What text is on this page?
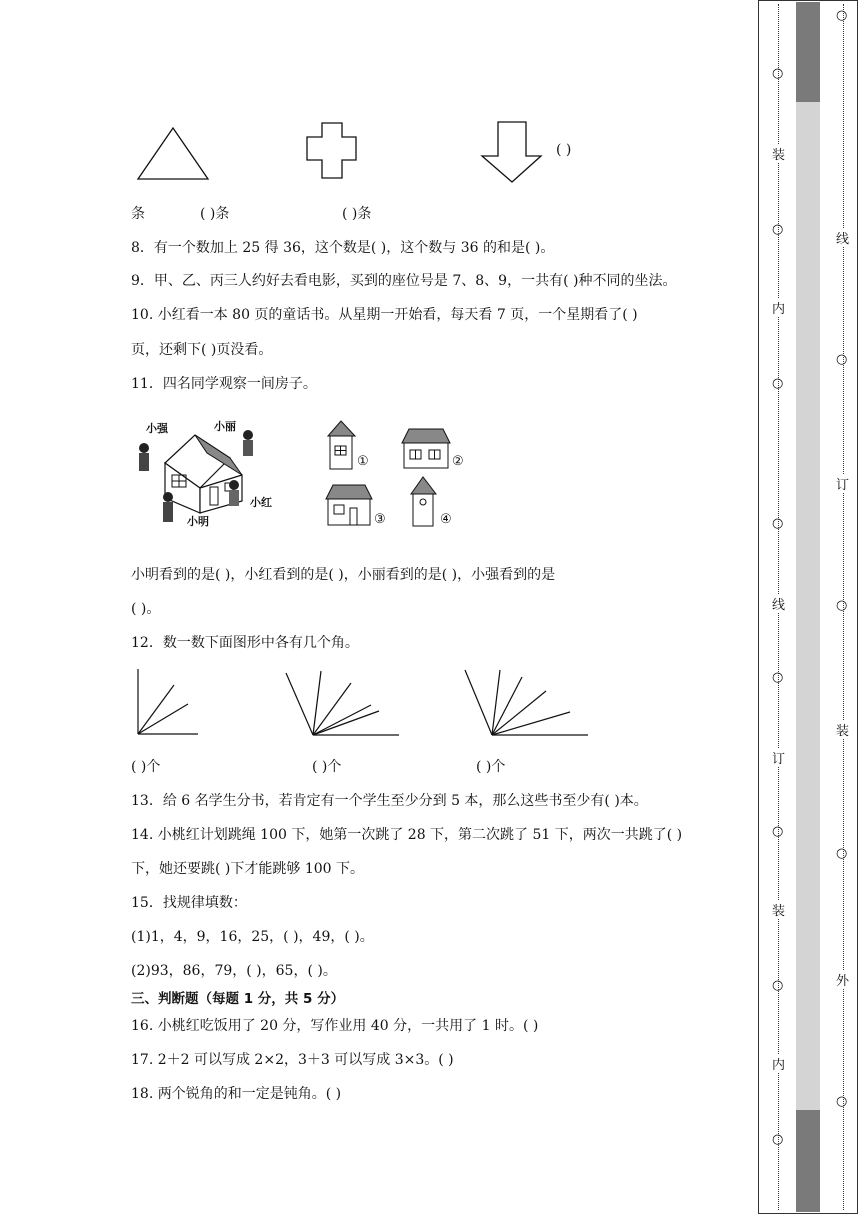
( )
条	( )条	( )条
8．有一个数加上 25 得 36，这个数是( )，这个数与 36 的和是( )。
9．甲、乙、丙三人约好去看电影，买到的座位号是 7、8、9，一共有( )种不同的坐法。
10. 小红看一本 80 页的童话书。从星期一开始看，每天看 7 页，一个星期看了( )
页，还剩下( )页没看。
11．四名同学观察一间房子。
小强	小丽
小红
小明
①	②
③	④
小明看到的是( )，小红看到的是( )，小丽看到的是( )，小强看到的是
( )。
12．数一数下面图形中各有几个角。
( )个	( )个	( )个
13．给 6 名学生分书，若肯定有一个学生至少分到 5 本，那么这些书至少有( )本。
14. 小桃红计划跳绳 100 下，她第一次跳了 28 下，第二次跳了 51 下，两次一共跳了( )
下，她还要跳( )下才能跳够 100 下。
15．找规律填数：
(1)1，4，9，16，25，( )，49，( )。
(2)93，86，79，( )，65，( )。
三、判断题（每题 1 分，共 5 分）
16. 小桃红吃饭用了 20 分，写作业用 40 分，一共用了 1 时。( )
17. 2＋2 可以写成 2×2，3＋3 可以写成 3×3。( )
18. 两个锐角的和一定是钝角。( )
○
○
○
○
○
○
○
○
装
内
线
订
装
内
○
○
○
○
○
线
订
装
外
